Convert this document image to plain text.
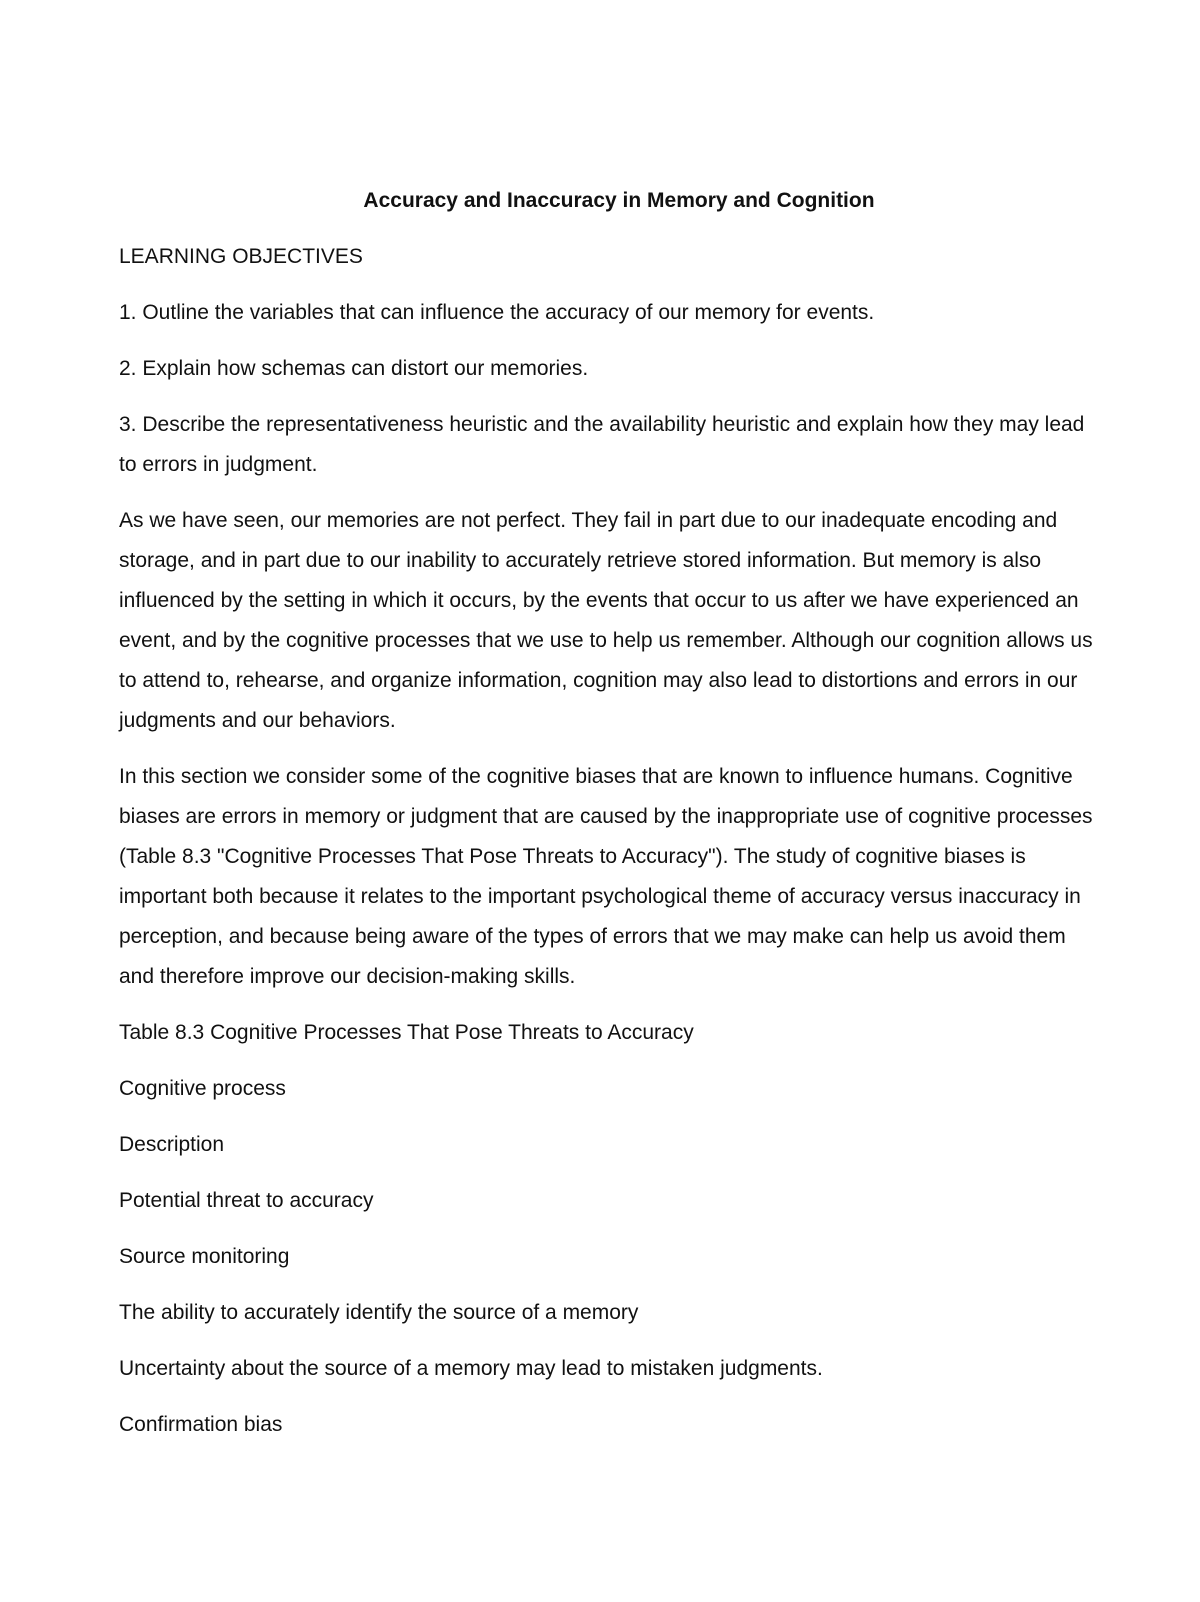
Accuracy and Inaccuracy in Memory and Cognition

LEARNING OBJECTIVES

1. Outline the variables that can influence the accuracy of our memory for events.

2. Explain how schemas can distort our memories.

3. Describe the representativeness heuristic and the availability heuristic and explain how they may lead to errors in judgment.

As we have seen, our memories are not perfect. They fail in part due to our inadequate encoding and storage, and in part due to our inability to accurately retrieve stored information. But memory is also influenced by the setting in which it occurs, by the events that occur to us after we have experienced an event, and by the cognitive processes that we use to help us remember. Although our cognition allows us to attend to, rehearse, and organize information, cognition may also lead to distortions and errors in our judgments and our behaviors.

In this section we consider some of the cognitive biases that are known to influence humans. Cognitive biases are errors in memory or judgment that are caused by the inappropriate use of cognitive processes (Table 8.3 "Cognitive Processes That Pose Threats to Accuracy"). The study of cognitive biases is important both because it relates to the important psychological theme of accuracy versus inaccuracy in perception, and because being aware of the types of errors that we may make can help us avoid them and therefore improve our decision-making skills.

Table 8.3 Cognitive Processes That Pose Threats to Accuracy

Cognitive process

Description

Potential threat to accuracy

Source monitoring

The ability to accurately identify the source of a memory

Uncertainty about the source of a memory may lead to mistaken judgments.

Confirmation bias
